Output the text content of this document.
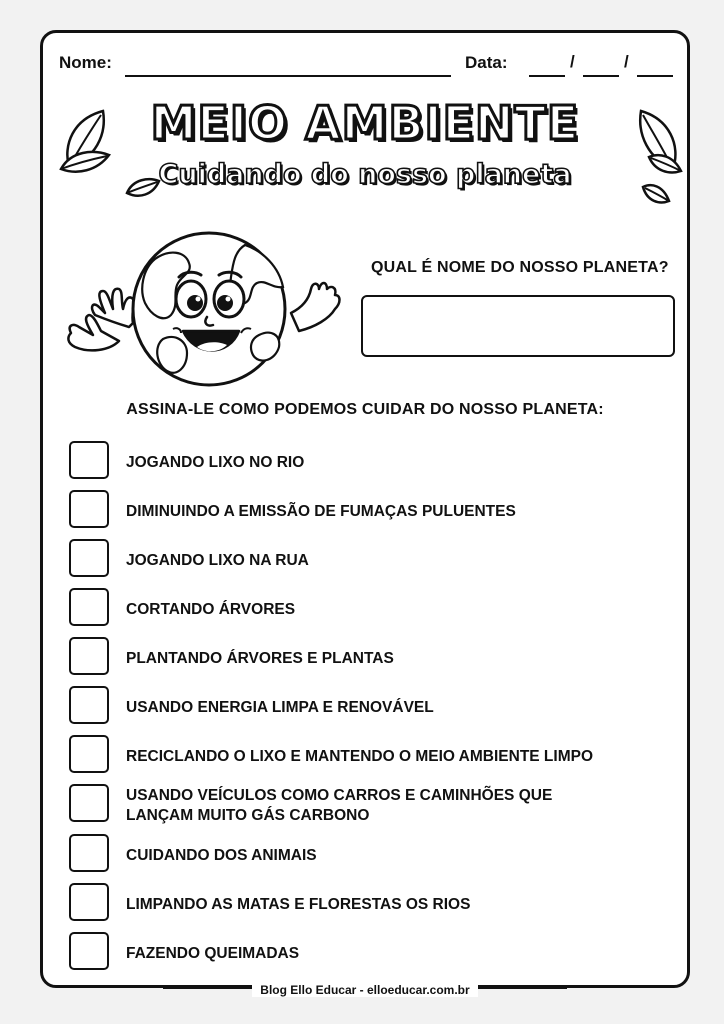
Nome:	Data:	/	/
MEIO AMBIENTE
Cuidando do nosso planeta
QUAL É NOME DO NOSSO PLANETA?
ASSINA-LE COMO PODEMOS CUIDAR DO NOSSO PLANETA:
JOGANDO LIXO NO RIO
DIMINUINDO A EMISSÃO DE FUMAÇAS PULUENTES
JOGANDO LIXO NA RUA
CORTANDO ÁRVORES
PLANTANDO ÁRVORES E PLANTAS
USANDO ENERGIA LIMPA E RENOVÁVEL
RECICLANDO O LIXO E MANTENDO O MEIO AMBIENTE LIMPO
USANDO VEÍCULOS COMO CARROS E CAMINHÕES QUE
LANÇAM MUITO GÁS CARBONO
CUIDANDO DOS ANIMAIS
LIMPANDO AS MATAS E FLORESTAS OS RIOS
FAZENDO QUEIMADAS
Blog Ello Educar - elloeducar.com.br
